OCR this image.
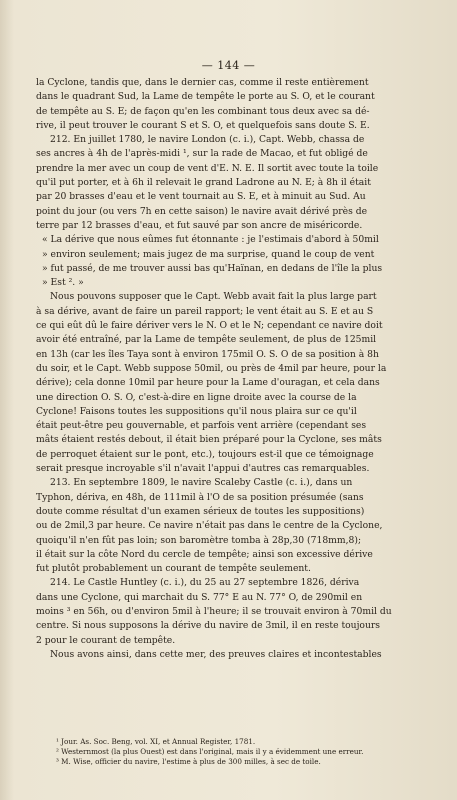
— 144 —
la Cyclone, tandis que, dans le dernier cas, comme il reste entièrement
dans le quadrant Sud, la Lame de tempête le porte au S. O, et le courant
de tempête au S. E; de façon qu'en les combinant tous deux avec sa dé-
rive, il peut trouver le courant S et S. O, et quelquefois sans doute S. E.
212. En juillet 1780, le navire London (c. i.), Capt. Webb, chassa de
ses ancres à 4h de l'après-midi ¹, sur la rade de Macao, et fut obligé de
prendre la mer avec un coup de vent d'E. N. E. Il sortit avec toute la toile
qu'il put porter, et à 6h il relevait le grand Ladrone au N. E; à 8h il était
par 20 brasses d'eau et le vent tournait au S. E, et à minuit au Sud. Au
point du jour (ou vers 7h en cette saison) le navire avait dérivé près de
terre par 12 brasses d'eau, et fut sauvé par son ancre de miséricorde.
« La dérive que nous eûmes fut étonnante : je l'estimais d'abord à 50mil
» environ seulement; mais jugez de ma surprise, quand le coup de vent
» fut passé, de me trouver aussi bas qu'Haïnan, en dedans de l'île la plus
» Est ². »
Nous pouvons supposer que le Capt. Webb avait fait la plus large part
à sa dérive, avant de faire un pareil rapport; le vent était au S. E et au S
ce qui eût dû le faire dériver vers le N. O et le N; cependant ce navire doit
avoir été entraîné, par la Lame de tempête seulement, de plus de 125mil
en 13h (car les îles Taya sont à environ 175mil O. S. O de sa position à 8h
du soir, et le Capt. Webb suppose 50mil, ou près de 4mil par heure, pour la
dérive); cela donne 10mil par heure pour la Lame d'ouragan, et cela dans
une direction O. S. O, c'est-à-dire en ligne droite avec la course de la
Cyclone! Faisons toutes les suppositions qu'il nous plaira sur ce qu'il
était peut-être peu gouvernable, et parfois vent arrière (cependant ses
mâts étaient restés debout, il était bien préparé pour la Cyclone, ses mâts
de perroquet étaient sur le pont, etc.), toujours est-il que ce témoignage
serait presque incroyable s'il n'avait l'appui d'autres cas remarquables.
213. En septembre 1809, le navire Scaleby Castle (c. i.), dans un
Typhon, dériva, en 48h, de 111mil à l'O de sa position présumée (sans
doute comme résultat d'un examen sérieux de toutes les suppositions)
ou de 2mil,3 par heure. Ce navire n'était pas dans le centre de la Cyclone,
quoiqu'il n'en fût pas loin; son baromètre tomba à 28p,30 (718mm,8);
il était sur la côte Nord du cercle de tempête; ainsi son excessive dérive
fut plutôt probablement un courant de tempête seulement.
214. Le Castle Huntley (c. i.), du 25 au 27 septembre 1826, dériva
dans une Cyclone, qui marchait du S. 77° E au N. 77° O, de 290mil en
moins ³ en 56h, ou d'environ 5mil à l'heure; il se trouvait environ à 70mil du
centre. Si nous supposons la dérive du navire de 3mil, il en reste toujours
2 pour le courant de tempête.
Nous avons ainsi, dans cette mer, des preuves claires et incontestables
¹ Jour. As. Soc. Beng, vol. XI, et Annual Register, 1781.
² Westernmost (la plus Ouest) est dans l'original, mais il y a évidemment une erreur.
³ M. Wise, officier du navire, l'estime à plus de 300 milles, à sec de toile.
